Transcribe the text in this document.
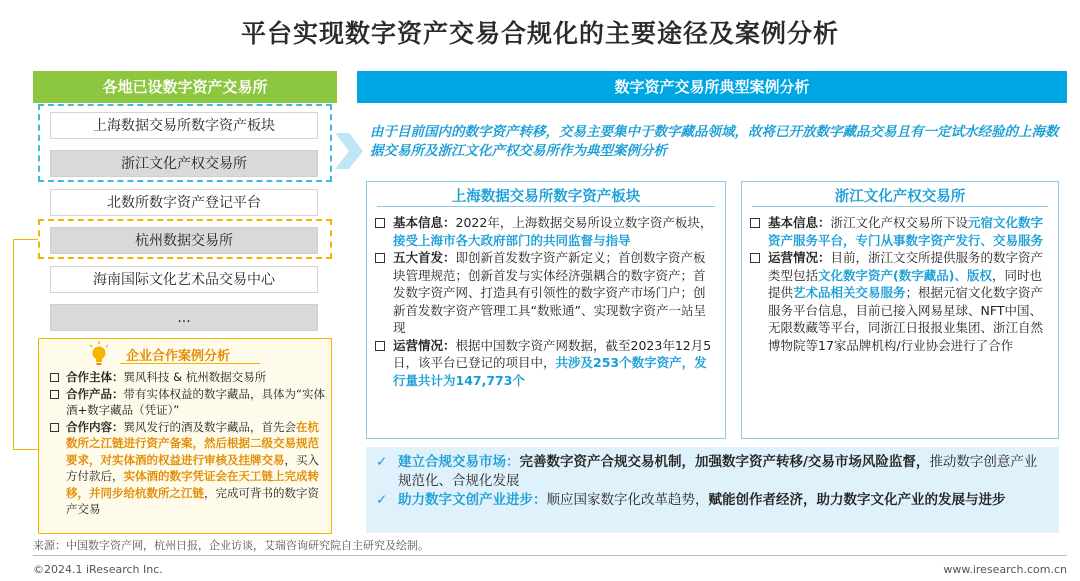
平台实现数字资产交易合规化的主要途径及案例分析
各地已设数字资产交易所
上海数据交易所数字资产板块
浙江文化产权交易所
北数所数字资产登记平台
杭州数据交易所
海南国际文化艺术品交易中心
...
企业合作案例分析
合作主体：巽风科技 & 杭州数据交易所
合作产品：带有实体权益的数字藏品，具体为“实体酒+数字藏品（凭证）”
合作内容：巽风发行的酒及数字藏品，首先会在杭数所之江链进行资产备案，然后根据二级交易规范要求，对实体酒的权益进行审核及挂牌交易，买入方付款后，实体酒的数字凭证会在天工链上完成转移，并同步给杭数所之江链，完成可背书的数字资产交易
数字资产交易所典型案例分析
由于目前国内的数字资产转移，交易主要集中于数字藏品领域，故将已开放数字藏品交易且有一定试水经验的上海数据交易所及浙江文化产权交易所作为典型案例分析
上海数据交易所数字资产板块
基本信息：2022年，上海数据交易所设立数字资产板块，接受上海市各大政府部门的共同监督与指导
五大首发：即创新首发数字资产新定义；首创数字资产板块管理规范；创新首发与实体经济强耦合的数字资产；首发数字资产网、打造具有引领性的数字资产市场门户；创新首发数字资产管理工具“数账通”、实现数字资产一站呈现
运营情况：根据中国数字资产网数据，截至2023年12月5日，该平台已登记的项目中，共涉及253个数字资产，发行量共计为147,773个
浙江文化产权交易所
基本信息：浙江文化产权交易所下设元宿文化数字资产服务平台，专门从事数字资产发行、交易服务
运营情况：目前，浙江文交所提供服务的数字资产类型包括文化数字资产(数字藏品)、版权，同时也提供艺术品相关交易服务；根据元宿文化数字资产服务平台信息，目前已接入网易星球、NFT中国、无限数藏等平台，同浙江日报报业集团、浙江自然博物院等17家品牌机构/行业协会进行了合作
✓ 建立合规交易市场：完善数字资产合规交易机制，加强数字资产转移/交易市场风险监督，推动数字创意产业规范化、合规化发展
✓ 助力数字文创产业进步：顺应国家数字化改革趋势，赋能创作者经济，助力数字文化产业的发展与进步
来源：中国数字资产网，杭州日报，企业访谈，艾瑞咨询研究院自主研究及绘制。
©2024.1 iResearch Inc.	www.iresearch.com.cn
